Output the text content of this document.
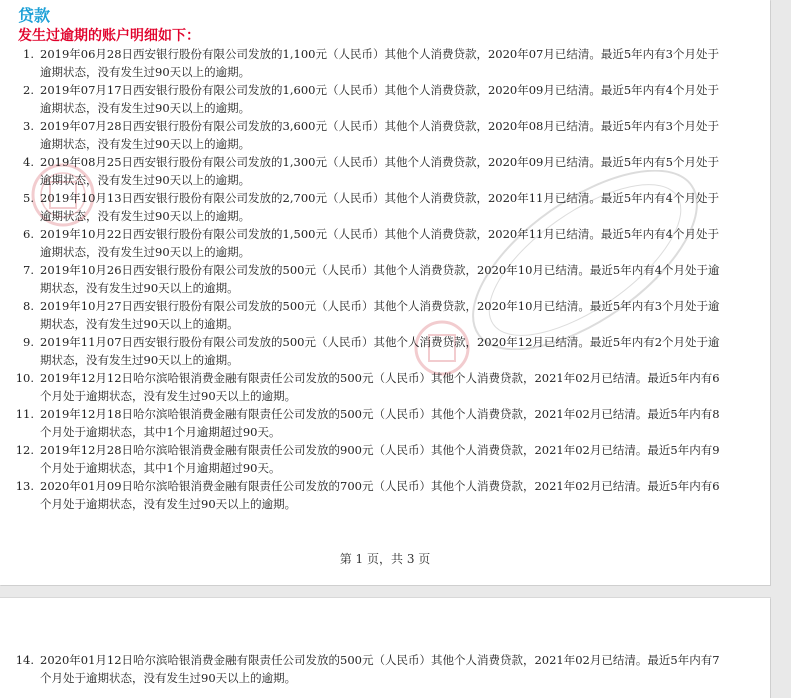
贷款
发生过逾期的账户明细如下：
1. 2019年06月28日西安银行股份有限公司发放的1,100元（人民币）其他个人消费贷款，2020年07月已结清。最近5年内有3个月处于逾期状态，没有发生过90天以上的逾期。
2. 2019年07月17日西安银行股份有限公司发放的1,600元（人民币）其他个人消费贷款，2020年09月已结清。最近5年内有4个月处于逾期状态，没有发生过90天以上的逾期。
3. 2019年07月28日西安银行股份有限公司发放的3,600元（人民币）其他个人消费贷款，2020年08月已结清。最近5年内有3个月处于逾期状态，没有发生过90天以上的逾期。
4. 2019年08月25日西安银行股份有限公司发放的1,300元（人民币）其他个人消费贷款，2020年09月已结清。最近5年内有5个月处于逾期状态，没有发生过90天以上的逾期。
5. 2019年10月13日西安银行股份有限公司发放的2,700元（人民币）其他个人消费贷款，2020年11月已结清。最近5年内有4个月处于逾期状态，没有发生过90天以上的逾期。
6. 2019年10月22日西安银行股份有限公司发放的1,500元（人民币）其他个人消费贷款，2020年11月已结清。最近5年内有4个月处于逾期状态，没有发生过90天以上的逾期。
7. 2019年10月26日西安银行股份有限公司发放的500元（人民币）其他个人消费贷款，2020年10月已结清。最近5年内有4个月处于逾期状态，没有发生过90天以上的逾期。
8. 2019年10月27日西安银行股份有限公司发放的500元（人民币）其他个人消费贷款，2020年10月已结清。最近5年内有3个月处于逾期状态，没有发生过90天以上的逾期。
9. 2019年11月07日西安银行股份有限公司发放的500元（人民币）其他个人消费贷款，2020年12月已结清。最近5年内有2个月处于逾期状态，没有发生过90天以上的逾期。
10. 2019年12月12日哈尔滨哈银消费金融有限责任公司发放的500元（人民币）其他个人消费贷款，2021年02月已结清。最近5年内有6个月处于逾期状态，没有发生过90天以上的逾期。
11. 2019年12月18日哈尔滨哈银消费金融有限责任公司发放的500元（人民币）其他个人消费贷款，2021年02月已结清。最近5年内有8个月处于逾期状态，其中1个月逾期超过90天。
12. 2019年12月28日哈尔滨哈银消费金融有限责任公司发放的900元（人民币）其他个人消费贷款，2021年02月已结清。最近5年内有9个月处于逾期状态，其中1个月逾期超过90天。
13. 2020年01月09日哈尔滨哈银消费金融有限责任公司发放的700元（人民币）其他个人消费贷款，2021年02月已结清。最近5年内有6个月处于逾期状态，没有发生过90天以上的逾期。
第 1 页，共 3 页
14. 2020年01月12日哈尔滨哈银消费金融有限责任公司发放的500元（人民币）其他个人消费贷款，2021年02月已结清。最近5年内有7个月处于逾期状态，没有发生过90天以上的逾期。
